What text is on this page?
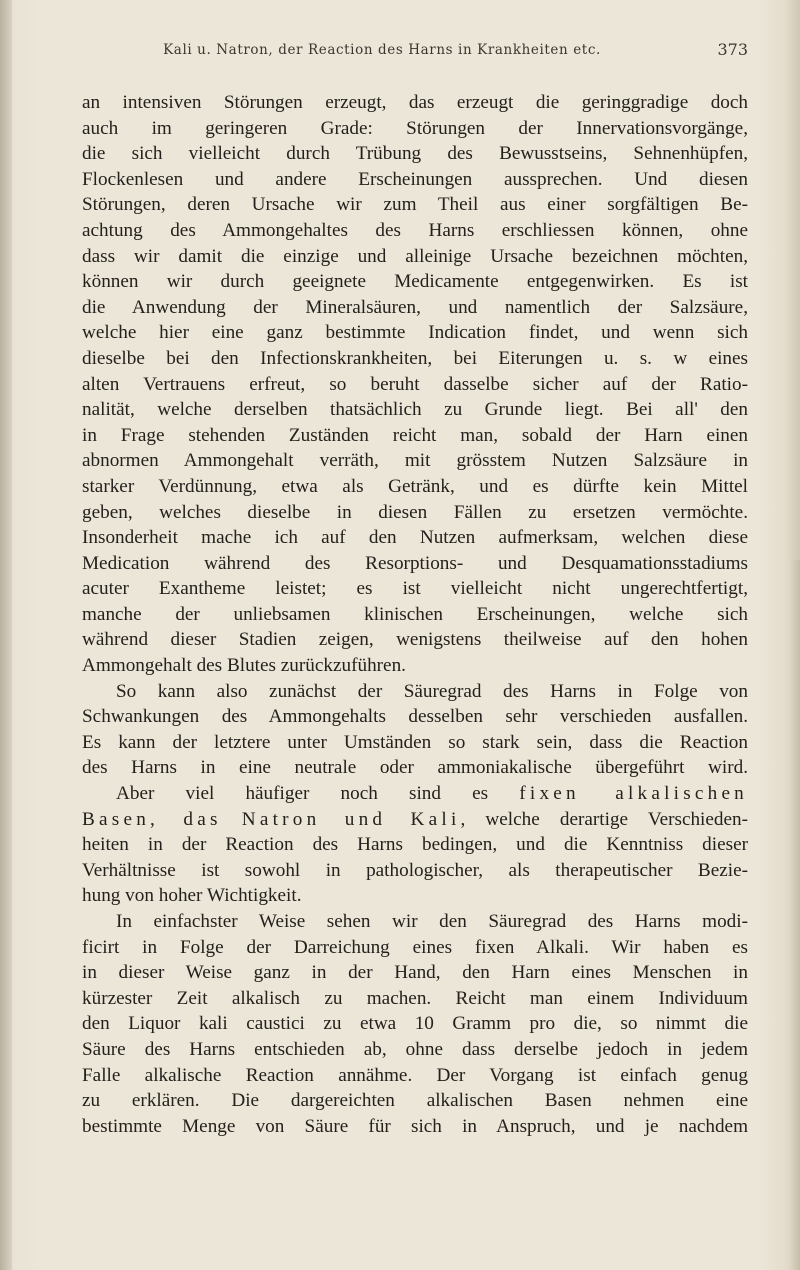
Kali u. Natron, der Reaction des Harns in Krankheiten etc.	373
an intensiven Störungen erzeugt, das erzeugt die geringgradige doch
auch im geringeren Grade: Störungen der Innervationsvorgänge,
die sich vielleicht durch Trübung des Bewusstseins, Sehnenhüpfen,
Flockenlesen und andere Erscheinungen aussprechen. Und diesen
Störungen, deren Ursache wir zum Theil aus einer sorgfältigen Be-
achtung des Ammongehaltes des Harns erschliessen können, ohne
dass wir damit die einzige und alleinige Ursache bezeichnen möchten,
können wir durch geeignete Medicamente entgegenwirken. Es ist
die Anwendung der Mineralsäuren, und namentlich der Salzsäure,
welche hier eine ganz bestimmte Indication findet, und wenn sich
dieselbe bei den Infectionskrankheiten, bei Eiterungen u. s. w eines
alten Vertrauens erfreut, so beruht dasselbe sicher auf der Ratio-
nalität, welche derselben thatsächlich zu Grunde liegt. Bei all' den
in Frage stehenden Zuständen reicht man, sobald der Harn einen
abnormen Ammongehalt verräth, mit grösstem Nutzen Salzsäure in
starker Verdünnung, etwa als Getränk, und es dürfte kein Mittel
geben, welches dieselbe in diesen Fällen zu ersetzen vermöchte.
Insonderheit mache ich auf den Nutzen aufmerksam, welchen diese
Medication während des Resorptions- und Desquamationsstadiums
acuter Exantheme leistet; es ist vielleicht nicht ungerechtfertigt,
manche der unliebsamen klinischen Erscheinungen, welche sich
während dieser Stadien zeigen, wenigstens theilweise auf den hohen
Ammongehalt des Blutes zurückzuführen.
So kann also zunächst der Säuregrad des Harns in Folge von
Schwankungen des Ammongehalts desselben sehr verschieden ausfallen.
Es kann der letztere unter Umständen so stark sein, dass die Reaction
des Harns in eine neutrale oder ammoniakalische übergeführt wird.
Aber viel häufiger noch sind es fixen alkalischen
Basen, das Natron und Kali, welche derartige Verschieden-
heiten in der Reaction des Harns bedingen, und die Kenntniss dieser
Verhältnisse ist sowohl in pathologischer, als therapeutischer Bezie-
hung von hoher Wichtigkeit.
In einfachster Weise sehen wir den Säuregrad des Harns modi-
ficirt in Folge der Darreichung eines fixen Alkali. Wir haben es
in dieser Weise ganz in der Hand, den Harn eines Menschen in
kürzester Zeit alkalisch zu machen. Reicht man einem Individuum
den Liquor kali caustici zu etwa 10 Gramm pro die, so nimmt die
Säure des Harns entschieden ab, ohne dass derselbe jedoch in jedem
Falle alkalische Reaction annähme. Der Vorgang ist einfach genug
zu erklären. Die dargereichten alkalischen Basen nehmen eine
bestimmte Menge von Säure für sich in Anspruch, und je nachdem
